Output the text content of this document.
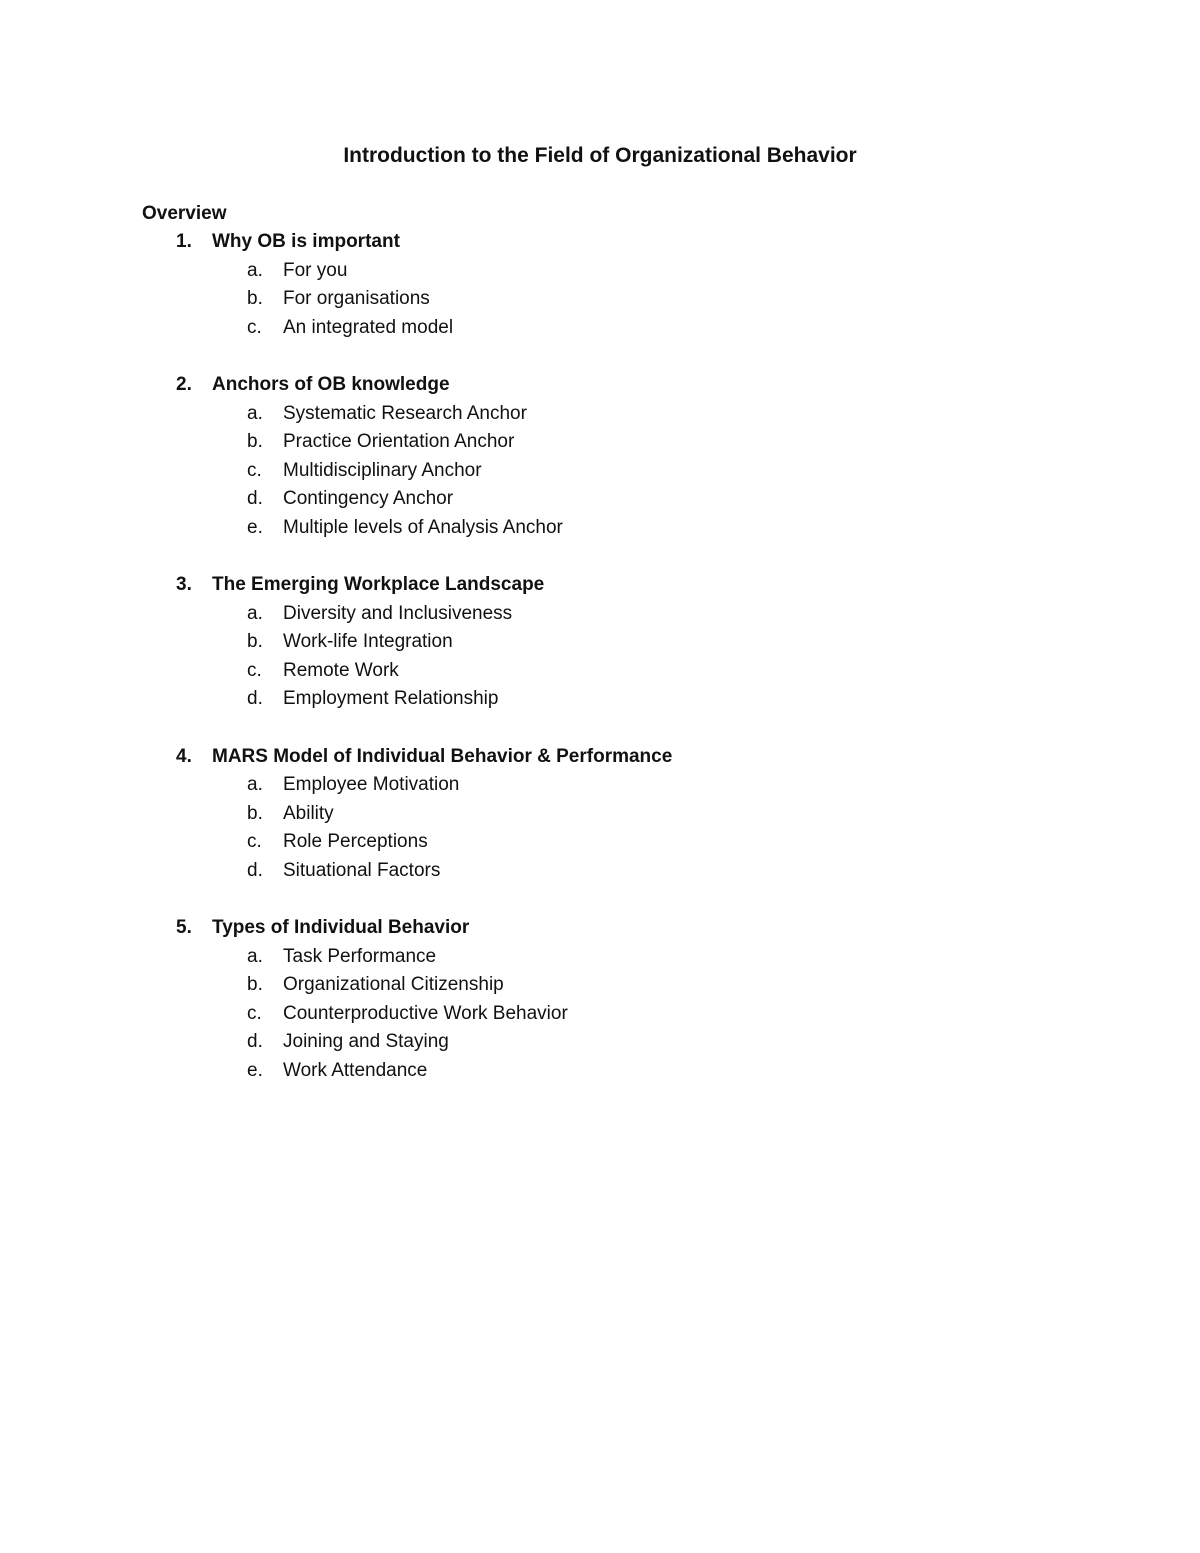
Introduction to the Field of Organizational Behavior
Overview
1. Why OB is important
a. For you
b. For organisations
c. An integrated model
2. Anchors of OB knowledge
a. Systematic Research Anchor
b. Practice Orientation Anchor
c. Multidisciplinary Anchor
d. Contingency Anchor
e. Multiple levels of Analysis Anchor
3. The Emerging Workplace Landscape
a. Diversity and Inclusiveness
b. Work-life Integration
c. Remote Work
d. Employment Relationship
4. MARS Model of Individual Behavior & Performance
a. Employee Motivation
b. Ability
c. Role Perceptions
d. Situational Factors
5. Types of Individual Behavior
a. Task Performance
b. Organizational Citizenship
c. Counterproductive Work Behavior
d. Joining and Staying
e. Work Attendance
